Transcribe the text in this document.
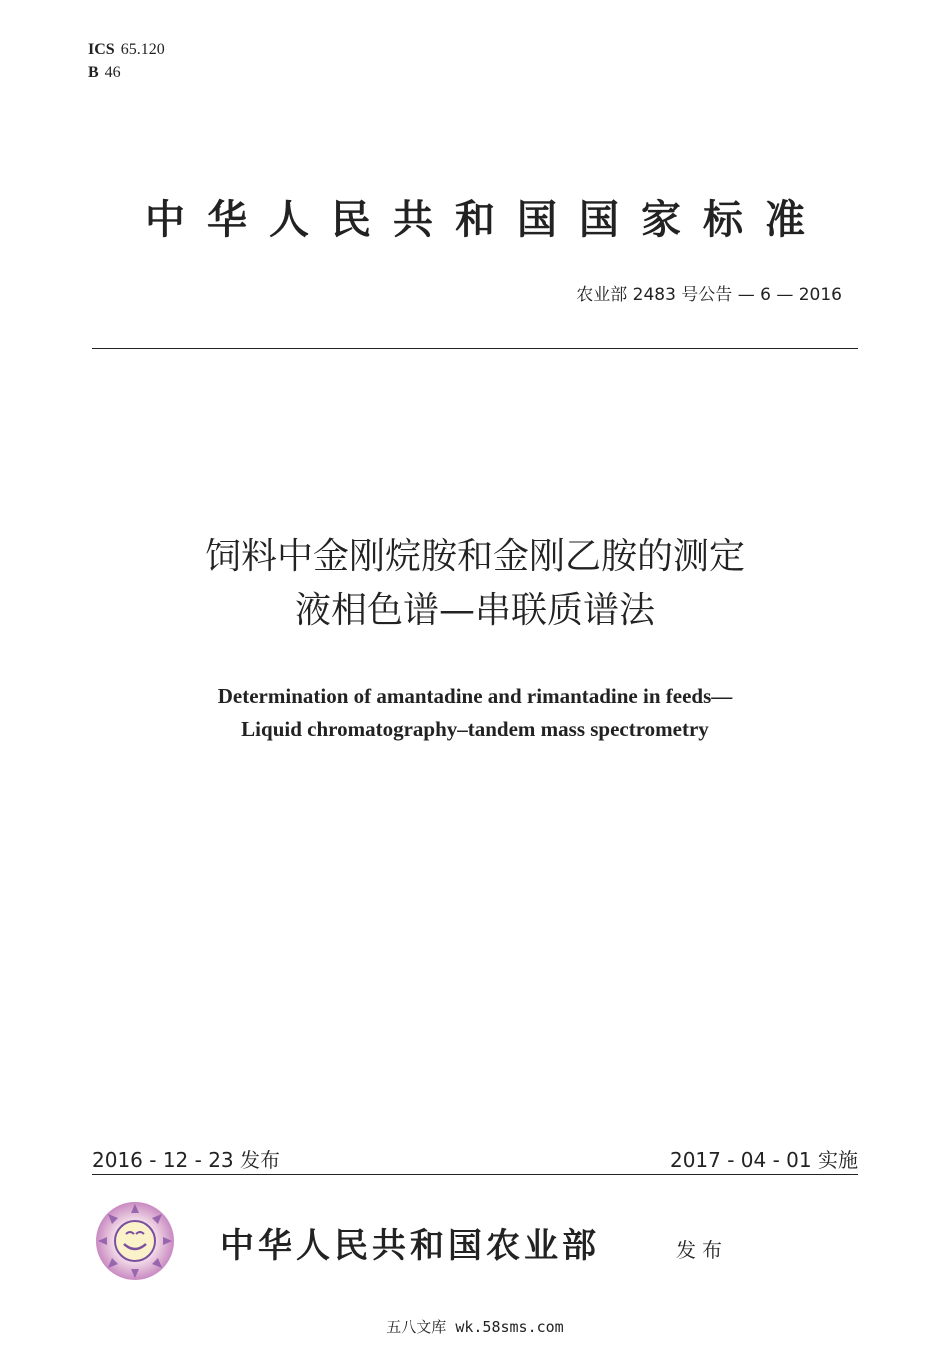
ICS 65.120
B 46
中华人民共和国国家标准
农业部 2483 号公告 — 6 — 2016
饲料中金刚烷胺和金刚乙胺的测定
液相色谱—串联质谱法
Determination of amantadine and rimantadine in feeds—
Liquid chromatography–tandem mass spectrometry
2016 - 12 - 23 发布	2017 - 04 - 01 实施
中华人民共和国农业部	发布
五八文库 wk.58sms.com
